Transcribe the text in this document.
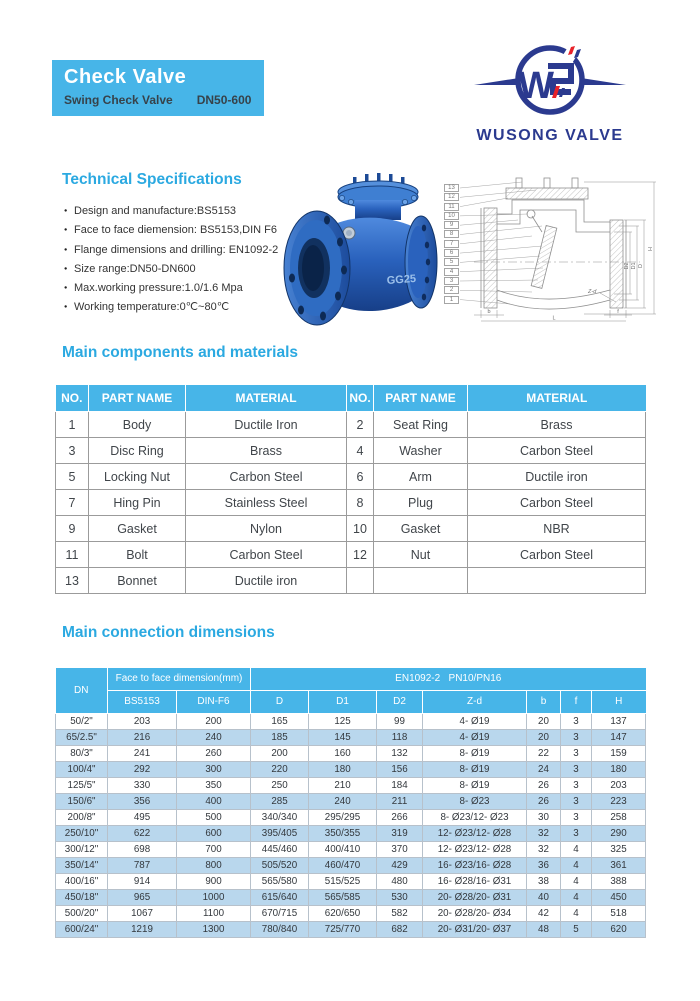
Check Valve
Swing Check Valve DN50-600	W
WUSONG VALVE
Technical Specifications
● Design and manufacture:BS5153
● Face to face diemension: BS5153,DIN F6
● Flange dimensions and drilling: EN1092-2
● Size range:DN50-DN600
● Max.working pressure:1.0/1.6 Mpa
● Working temperature:0℃~80℃
GG25
b
L
f
Z-d
D2 D1 D
H
13
12
11
10
9
8
7
6
5
4
3
2
1
Main components and materials
NO.	PART NAME	MATERIAL	NO.	PART NAME	MATERIAL
1	Body	Ductile Iron	2	Seat Ring	Brass
3	Disc Ring	Brass	4	Washer	Carbon Steel
5	Locking Nut	Carbon Steel	6	Arm	Ductile iron
7	Hing Pin	Stainless Steel	8	Plug	Carbon Steel
9	Gasket	Nylon	10	Gasket	NBR
11	Bolt	Carbon Steel	12	Nut	Carbon Steel
13	Bonnet	Ductile iron			
Main connection dimensions
DN	Face to face dimension(mm)		EN1092-2   PN10/PN16						
	BS5153	DIN-F6	D	D1	D2	Z-d	b	f	H
50/2"	203	200	165	125	99	4- Ø19	20	3	137
65/2.5"	216	240	185	145	118	4- Ø19	20	3	147
80/3"	241	260	200	160	132	8- Ø19	22	3	159
100/4"	292	300	220	180	156	8- Ø19	24	3	180
125/5"	330	350	250	210	184	8- Ø19	26	3	203
150/6"	356	400	285	240	211	8- Ø23	26	3	223
200/8"	495	500	340/340	295/295	266	8- Ø23/12- Ø23	30	3	258
250/10"	622	600	395/405	350/355	319	12- Ø23/12- Ø28	32	3	290
300/12"	698	700	445/460	400/410	370	12- Ø23/12- Ø28	32	4	325
350/14"	787	800	505/520	460/470	429	16- Ø23/16- Ø28	36	4	361
400/16"	914	900	565/580	515/525	480	16- Ø28/16- Ø31	38	4	388
450/18"	965	1000	615/640	565/585	530	20- Ø28/20- Ø31	40	4	450
500/20"	1067	1100	670/715	620/650	582	20- Ø28/20- Ø34	42	4	518
600/24"	1219	1300	780/840	725/770	682	20- Ø31/20- Ø37	48	5	620
